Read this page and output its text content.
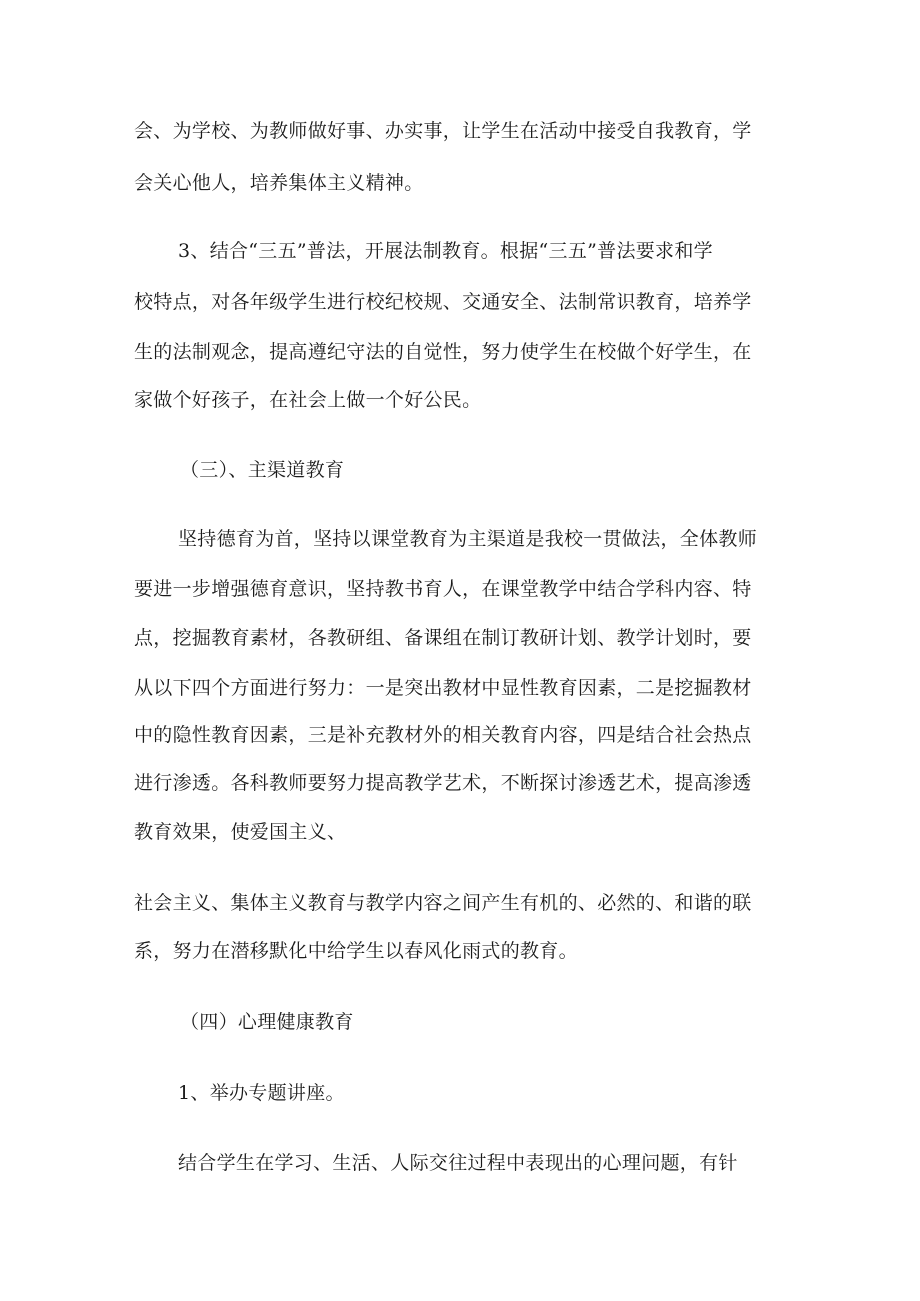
会、为学校、为教师做好事、办实事，让学生在活动中接受自我教育，学
会关心他人，培养集体主义精神。
3、结合“三五”普法，开展法制教育。根据“三五”普法要求和学
校特点，对各年级学生进行校纪校规、交通安全、法制常识教育，培养学
生的法制观念，提高遵纪守法的自觉性，努力使学生在校做个好学生，在
家做个好孩子，在社会上做一个好公民。
（三）、主渠道教育
坚持德育为首，坚持以课堂教育为主渠道是我校一贯做法，全体教师
要进一步增强德育意识，坚持教书育人，在课堂教学中结合学科内容、特
点，挖掘教育素材，各教研组、备课组在制订教研计划、教学计划时，要
从以下四个方面进行努力：一是突出教材中显性教育因素，二是挖掘教材
中的隐性教育因素，三是补充教材外的相关教育内容，四是结合社会热点
进行渗透。各科教师要努力提高教学艺术，不断探讨渗透艺术，提高渗透
教育效果，使爱国主义、
社会主义、集体主义教育与教学内容之间产生有机的、必然的、和谐的联
系，努力在潜移默化中给学生以春风化雨式的教育。
（四）心理健康教育
1、举办专题讲座。
结合学生在学习、生活、人际交往过程中表现出的心理问题，有针
